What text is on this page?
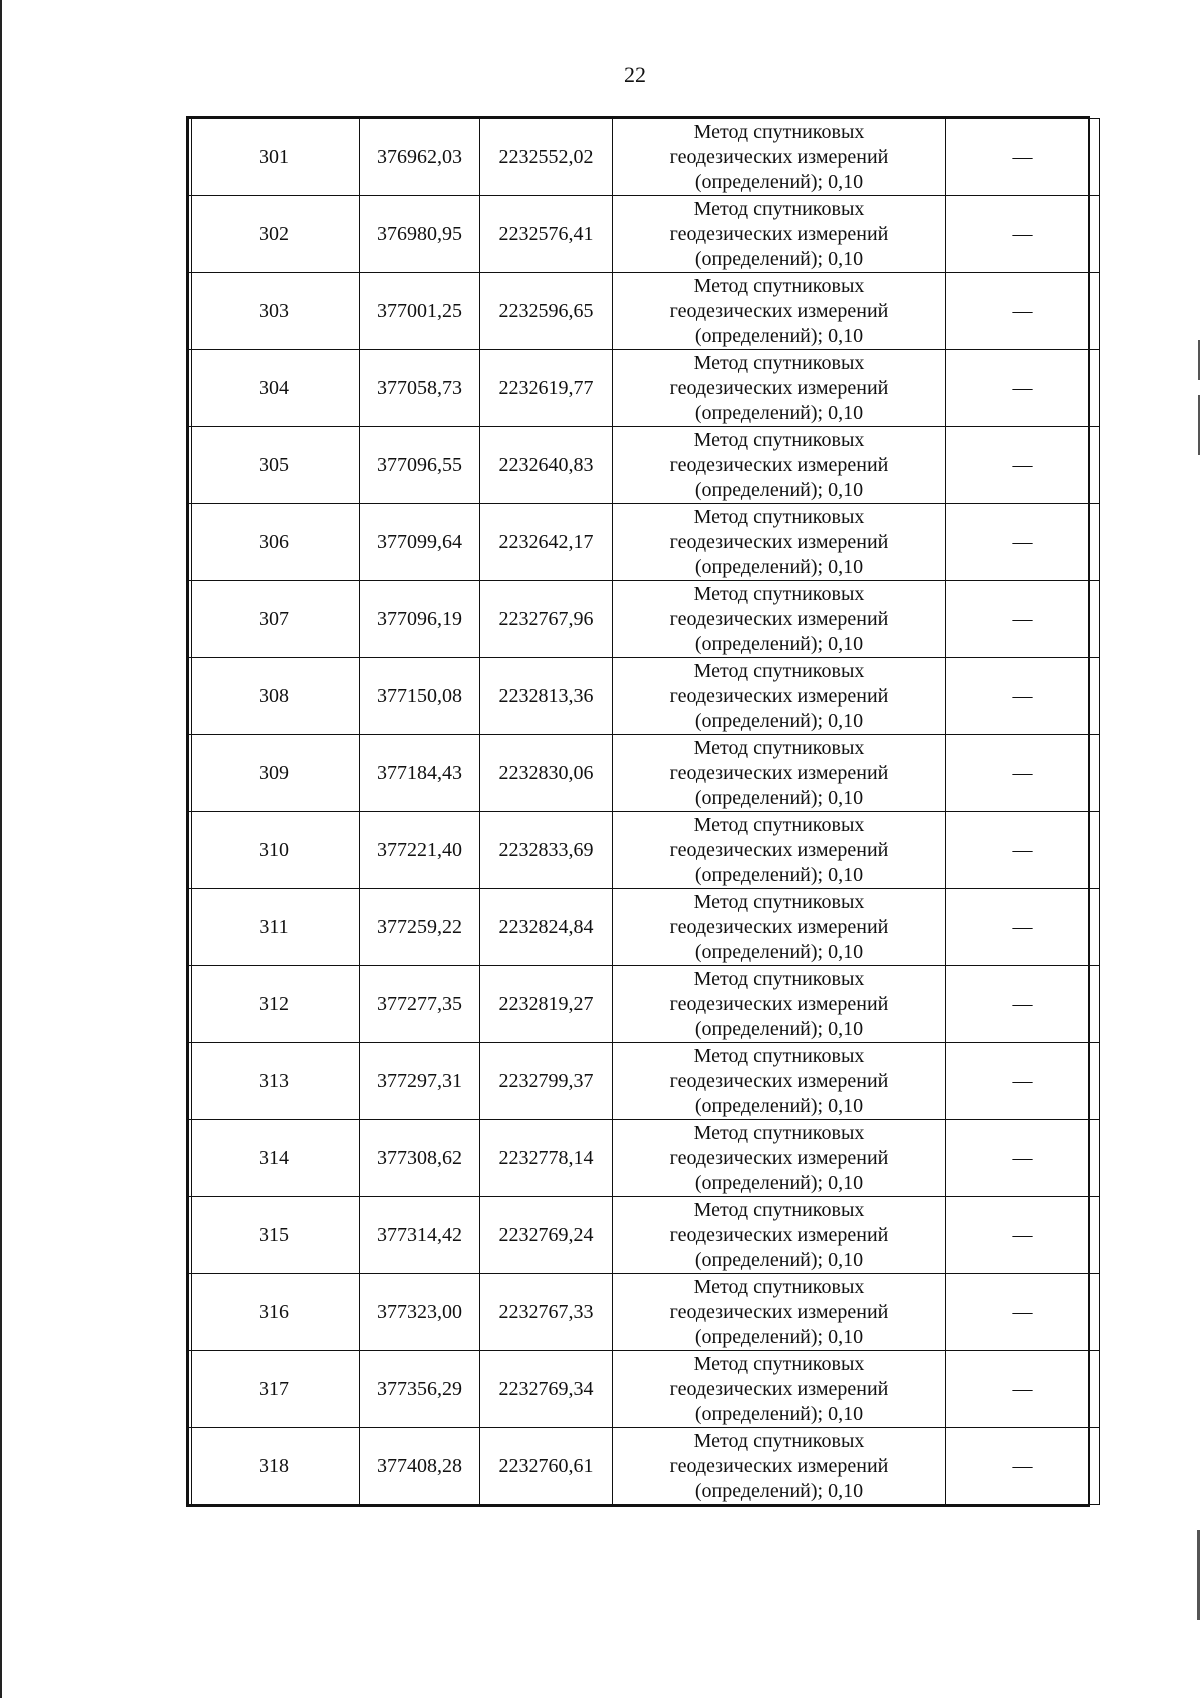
22
301	376962,03	2232552,02	Метод спутниковых
геодезических измерений
(определений); 0,10	—
302	376980,95	2232576,41	Метод спутниковых
геодезических измерений
(определений); 0,10	—
303	377001,25	2232596,65	Метод спутниковых
геодезических измерений
(определений); 0,10	—
304	377058,73	2232619,77	Метод спутниковых
геодезических измерений
(определений); 0,10	—
305	377096,55	2232640,83	Метод спутниковых
геодезических измерений
(определений); 0,10	—
306	377099,64	2232642,17	Метод спутниковых
геодезических измерений
(определений); 0,10	—
307	377096,19	2232767,96	Метод спутниковых
геодезических измерений
(определений); 0,10	—
308	377150,08	2232813,36	Метод спутниковых
геодезических измерений
(определений); 0,10	—
309	377184,43	2232830,06	Метод спутниковых
геодезических измерений
(определений); 0,10	—
310	377221,40	2232833,69	Метод спутниковых
геодезических измерений
(определений); 0,10	—
311	377259,22	2232824,84	Метод спутниковых
геодезических измерений
(определений); 0,10	—
312	377277,35	2232819,27	Метод спутниковых
геодезических измерений
(определений); 0,10	—
313	377297,31	2232799,37	Метод спутниковых
геодезических измерений
(определений); 0,10	—
314	377308,62	2232778,14	Метод спутниковых
геодезических измерений
(определений); 0,10	—
315	377314,42	2232769,24	Метод спутниковых
геодезических измерений
(определений); 0,10	—
316	377323,00	2232767,33	Метод спутниковых
геодезических измерений
(определений); 0,10	—
317	377356,29	2232769,34	Метод спутниковых
геодезических измерений
(определений); 0,10	—
318	377408,28	2232760,61	Метод спутниковых
геодезических измерений
(определений); 0,10	—
